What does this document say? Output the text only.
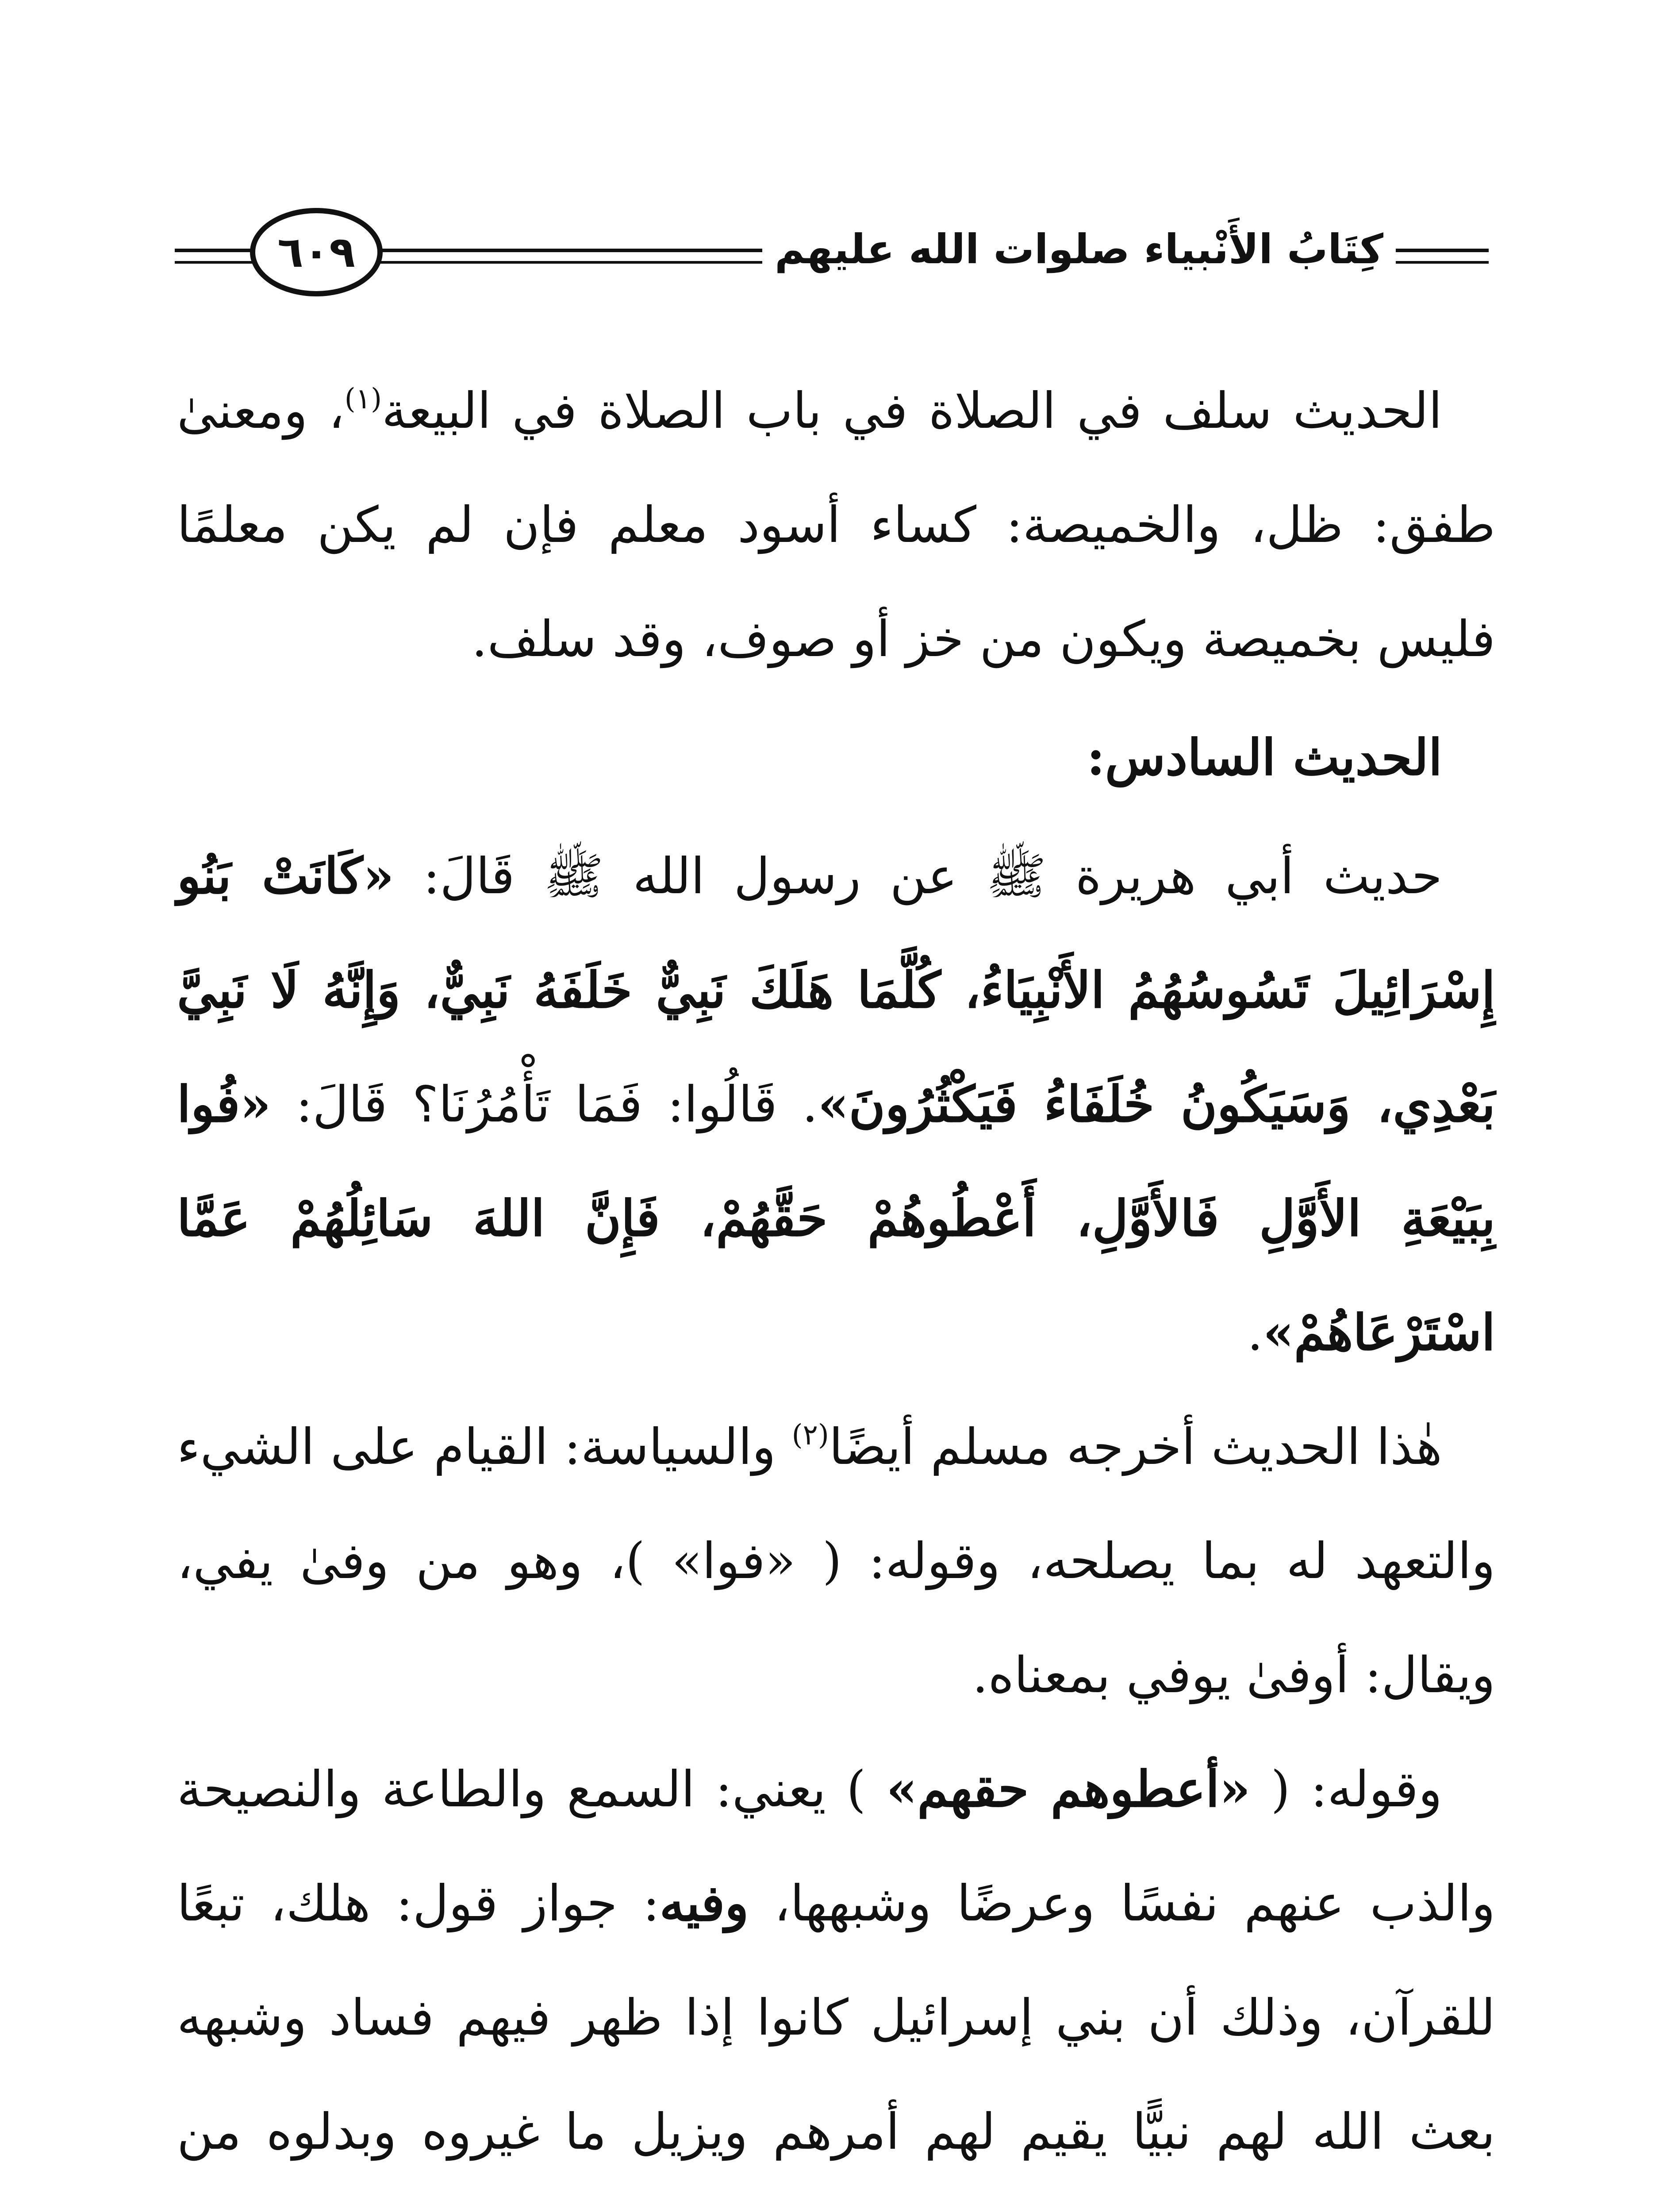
كِتَابُ الأَنْبياء صلوات الله عليهم
٦٠٩

الحديث سلف في الصلاة في باب الصلاة في البيعة$^{(١)}$، ومعنىٰ طفق: ظل، والخميصة: كساء أسود معلم فإن لم يكن معلمًا فليس بخميصة ويكون من خز أو صوف، وقد سلف.

الحديث السادس:

حديث أبي هريرة ﷺ عن رسول الله ﷺ قَالَ: «كَانَتْ بَنُو إِسْرَائِيلَ تَسُوسُهُمُ الأَنْبِيَاءُ، كُلَّمَا هَلَكَ نَبِيٌّ خَلَفَهُ نَبِيٌّ، وَإِنَّهُ لَا نَبِيَّ بَعْدِي، وَسَيَكُونُ خُلَفَاءُ فَيَكْثُرُونَ». قَالُوا: فَمَا تَأْمُرُنَا؟ قَالَ: «فُوا بِبَيْعَةِ الأَوَّلِ فَالأَوَّلِ، أَعْطُوهُمْ حَقَّهُمْ، فَإِنَّ اللهَ سَائِلُهُمْ عَمَّا اسْتَرْعَاهُمْ».

هٰذا الحديث أخرجه مسلم أيضًا$^{(٢)}$ والسياسة: القيام على الشيء والتعهد له بما يصلحه، وقوله: ( «فوا» )، وهو من وفىٰ يفي، ويقال: أوفىٰ يوفي بمعناه.

وقوله: ( «أعطوهم حقهم» ) يعني: السمع والطاعة والنصيحة والذب عنهم نفسًا وعرضًا وشبهها، وفيه: جواز قول: هلك، تبعًا للقرآن، وذلك أن بني إسرائيل كانوا إذا ظهر فيهم فساد وشبهه بعث الله لهم نبيًّا يقيم لهم أمرهم ويزيل ما غيروه وبدلوه من
